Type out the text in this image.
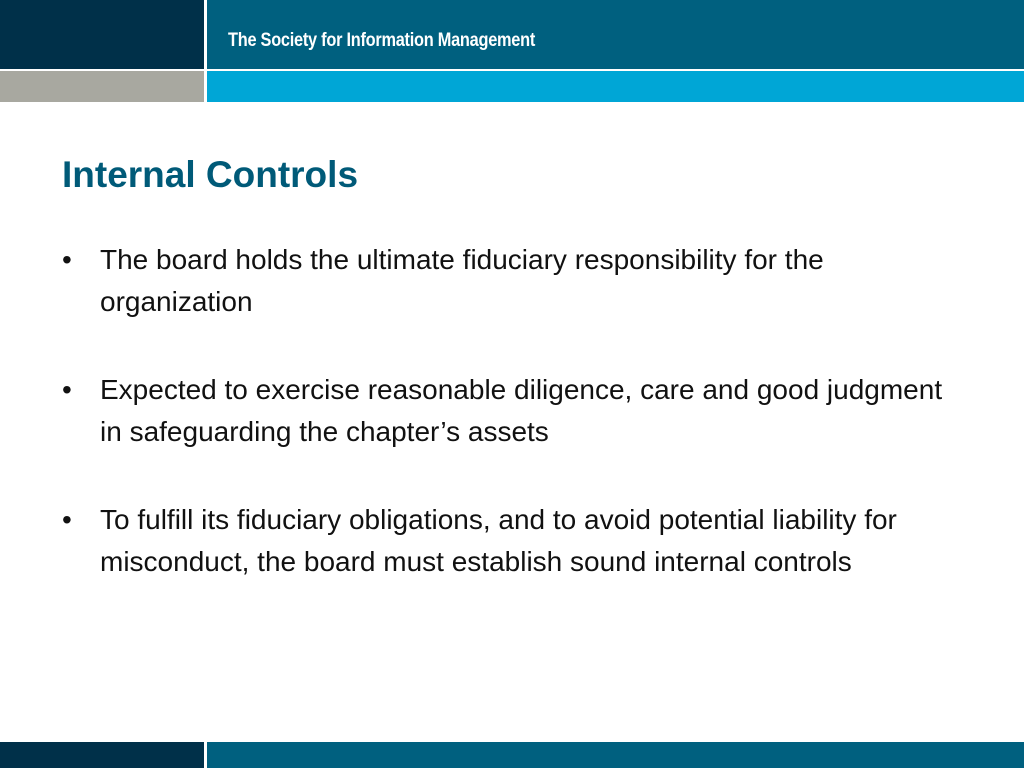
The Society for Information Management
Internal Controls
•	The board holds the ultimate fiduciary responsibility for the organization
•	Expected to exercise reasonable diligence, care and good judgment in safeguarding the chapter’s assets
•	To fulfill its fiduciary obligations, and to avoid potential liability for misconduct, the board must establish sound internal controls
